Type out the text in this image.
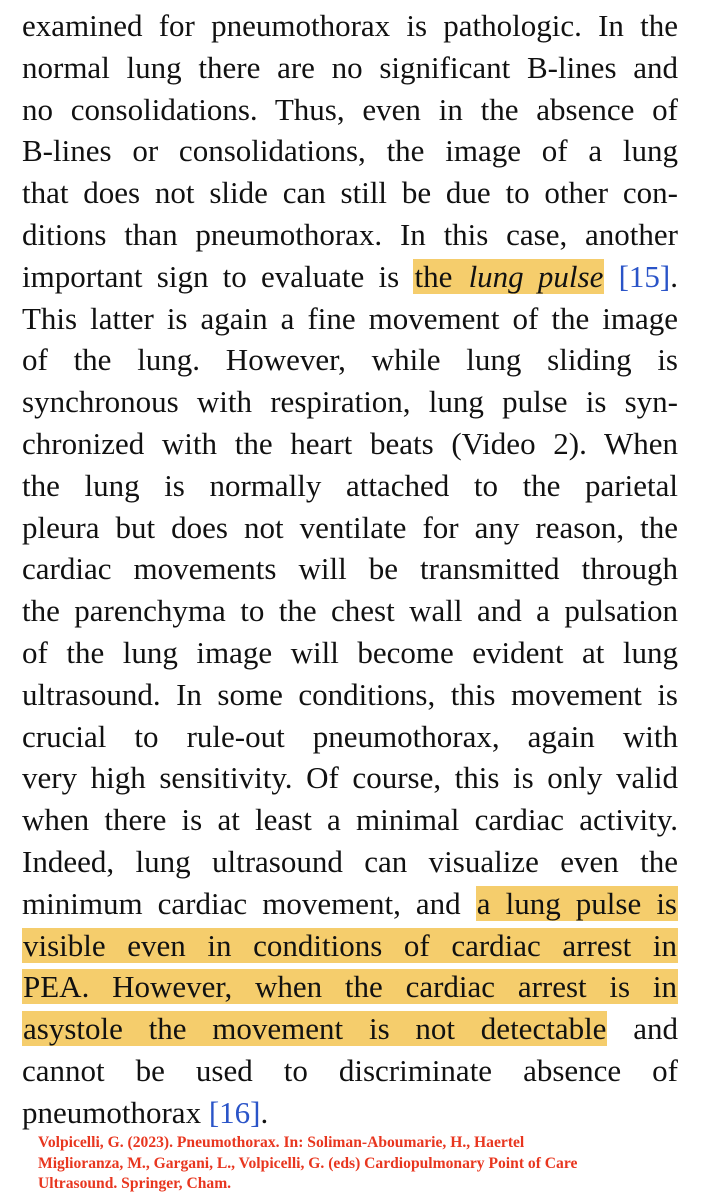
examined for pneumothorax is pathologic. In the
normal lung there are no significant B-lines and
no consolidations. Thus, even in the absence of
B-lines or consolidations, the image of a lung
that does not slide can still be due to other con-
ditions than pneumothorax. In this case, another
important sign to evaluate is the lung pulse [15].
This latter is again a fine movement of the image
of the lung. However, while lung sliding is
synchronous with respiration, lung pulse is syn-
chronized with the heart beats (Video 2). When
the lung is normally attached to the parietal
pleura but does not ventilate for any reason, the
cardiac movements will be transmitted through
the parenchyma to the chest wall and a pulsation
of the lung image will become evident at lung
ultrasound. In some conditions, this movement is
crucial to rule-out pneumothorax, again with
very high sensitivity. Of course, this is only valid
when there is at least a minimal cardiac activity.
Indeed, lung ultrasound can visualize even the
minimum cardiac movement, and a lung pulse is
visible even in conditions of cardiac arrest in
PEA. However, when the cardiac arrest is in
asystole the movement is not detectable and
cannot be used to discriminate absence of
pneumothorax [16].
Volpicelli, G. (2023). Pneumothorax. In: Soliman-Aboumarie, H., Haertel
Miglioranza, M., Gargani, L., Volpicelli, G. (eds) Cardiopulmonary Point of Care
Ultrasound. Springer, Cham.
